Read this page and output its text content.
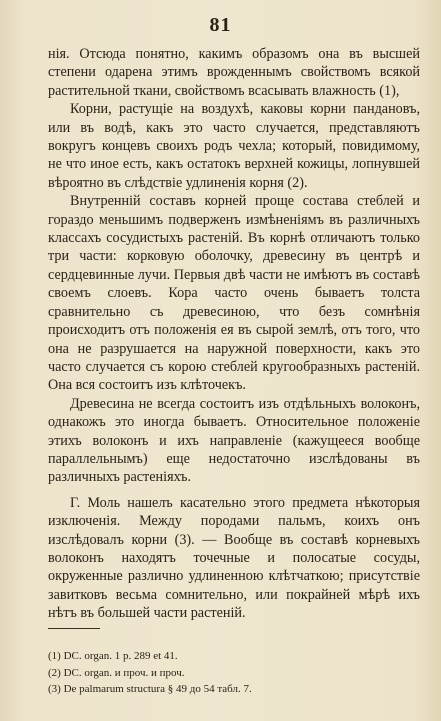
81

нія. Отсюда понятно, какимъ образомъ она въ высшей степени одарена этимъ врожденнымъ свойствомъ всякой растительной ткани, свойствомъ всасывать влажность (1),

Корни, растущіе на воздухѣ, каковы корни пандановъ, или въ водѣ, какъ это часто случается, представляютъ вокругъ концевъ своихъ родъ чехла; который, повидимому, не что иное есть, какъ остатокъ верхней кожицы, лопнувшей вѣроятно въ слѣдствіе удлиненія корня (2).

Внутренній составъ корней проще состава стеблей и гораздо меньшимъ подверженъ измѣненіямъ въ различныхъ классахъ сосудистыхъ растеній. Въ корнѣ отличаютъ только три части: корковую оболочку, древесину въ центрѣ и сердцевинные лучи. Первыя двѣ части не имѣютъ въ составѣ своемъ слоевъ. Кора часто очень бываетъ толста сравнительно съ древесиною, что безъ сомнѣнія происходитъ отъ положенія ея въ сырой землѣ, отъ того, что она не разрушается на наружной поверхности, какъ это часто случается съ корою стеблей кругообразныхъ растеній. Она вся состоитъ изъ клѣточекъ.

Древесина не всегда состоитъ изъ отдѣльныхъ волоконъ, однакожъ это иногда бываетъ. Относительное положеніе этихъ волоконъ и ихъ направленіе (кажущееся вообще параллельнымъ) еще недостаточно изслѣдованы въ различныхъ растеніяхъ.

Г. Моль нашелъ касательно этого предмета нѣкоторыя изключенія. Между породами пальмъ, коихъ онъ изслѣдовалъ корни (3). — Вообще въ составѣ корневыхъ волоконъ находятъ точечные и полосатые сосуды, окруженные различно удлиненною клѣтчаткою; присутствіе завитковъ весьма сомнительно, или покрайней мѣрѣ ихъ нѣтъ въ большей части растеній.

(1) DC. organ. 1 p. 289 et 41.
(2) DC. organ. и проч. и проч.
(3) De palmarum structura § 49 до 54 табл. 7.
